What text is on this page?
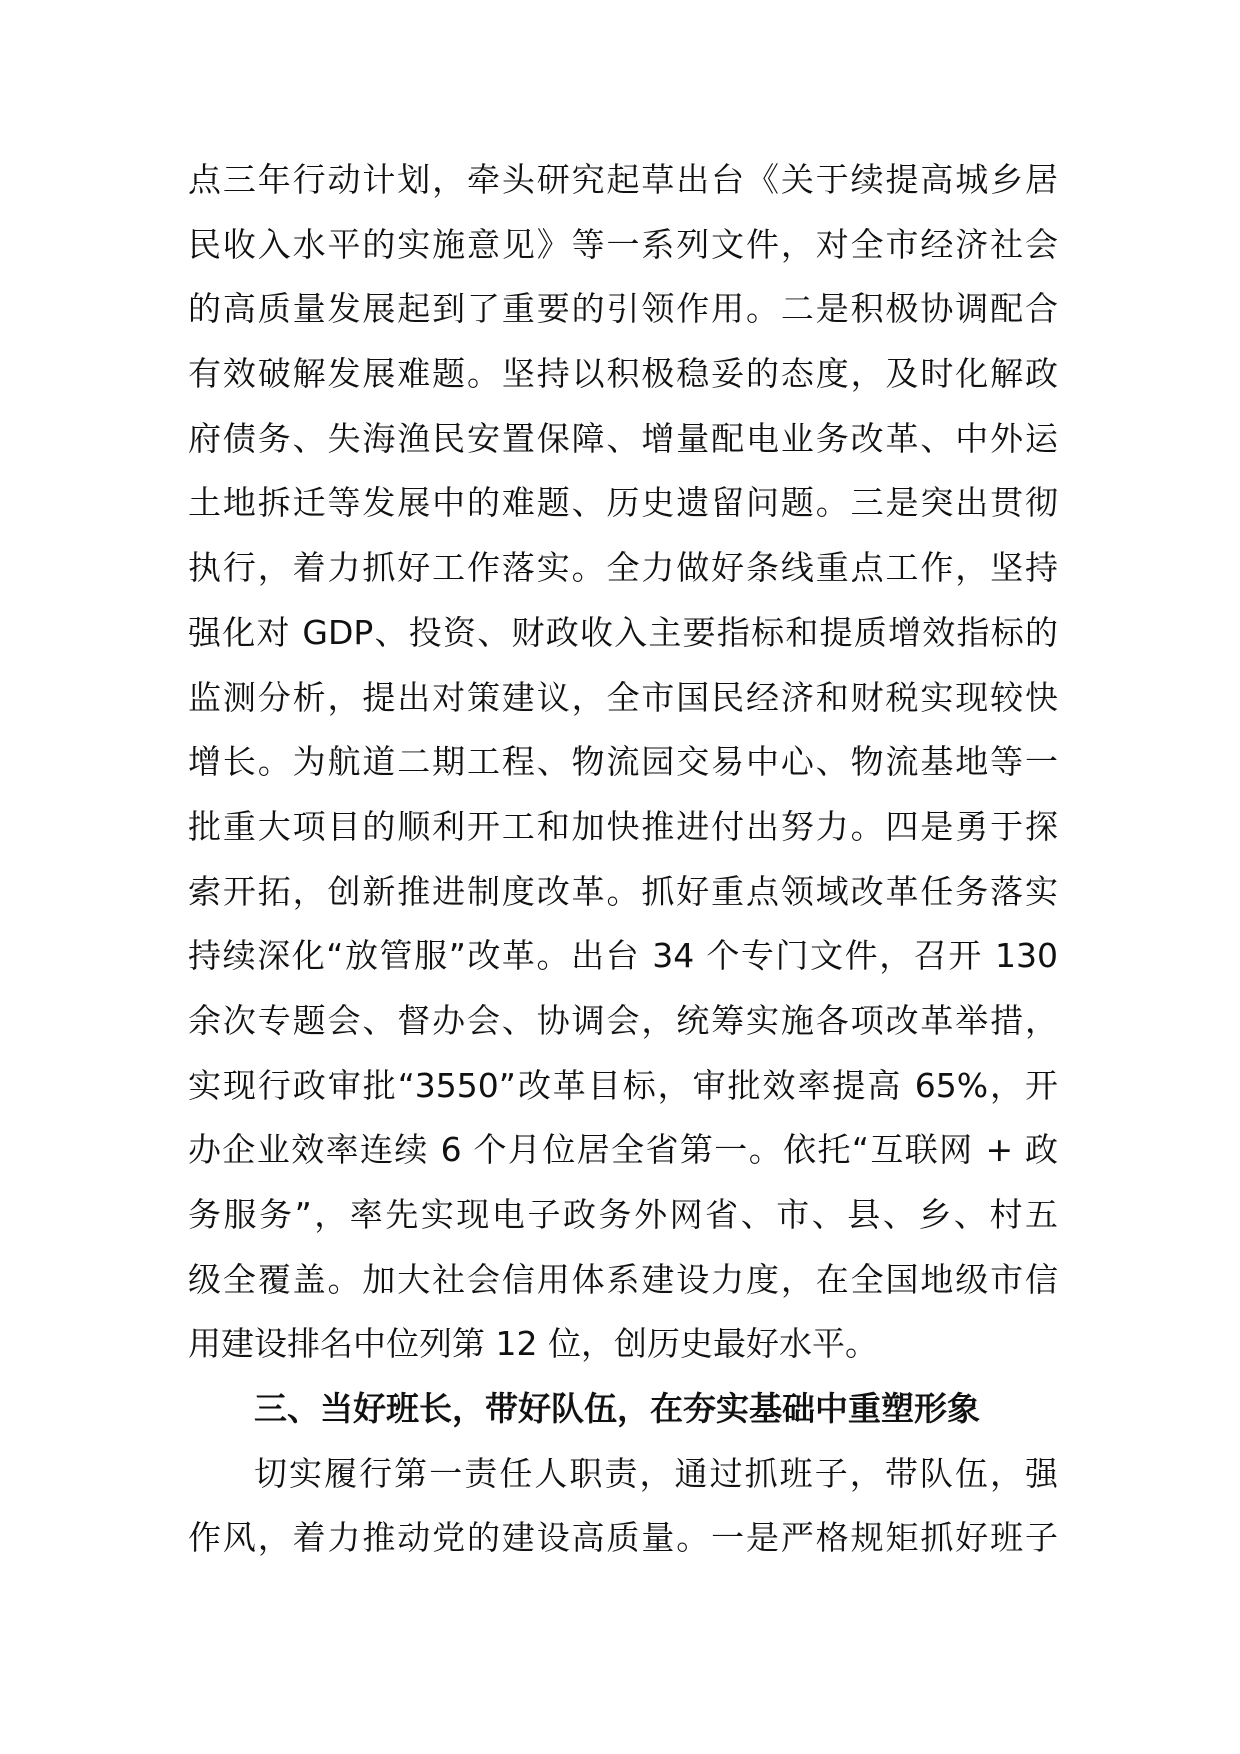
点三年行动计划，牵头研究起草出台《关于续提高城乡居
民收入水平的实施意见》等一系列文件，对全市经济社会
的高质量发展起到了重要的引领作用。二是积极协调配合
有效破解发展难题。坚持以积极稳妥的态度，及时化解政
府债务、失海渔民安置保障、增量配电业务改革、中外运
土地拆迁等发展中的难题、历史遗留问题。三是突出贯彻
执行，着力抓好工作落实。全力做好条线重点工作，坚持
强化对 GDP、投资、财政收入主要指标和提质增效指标的
监测分析，提出对策建议，全市国民经济和财税实现较快
增长。为航道二期工程、物流园交易中心、物流基地等一
批重大项目的顺利开工和加快推进付出努力。四是勇于探
索开拓，创新推进制度改革。抓好重点领域改革任务落实
持续深化“放管服”改革。出台 34 个专门文件，召开 130
余次专题会、督办会、协调会，统筹实施各项改革举措，
实现行政审批“3550”改革目标，审批效率提高 65%，开
办企业效率连续 6 个月位居全省第一。依托“互联网 + 政
务服务”，率先实现电子政务外网省、市、县、乡、村五
级全覆盖。加大社会信用体系建设力度，在全国地级市信
用建设排名中位列第 12 位，创历史最好水平。
三、当好班长，带好队伍，在夯实基础中重塑形象
切实履行第一责任人职责，通过抓班子，带队伍，强
作风，着力推动党的建设高质量。一是严格规矩抓好班子
